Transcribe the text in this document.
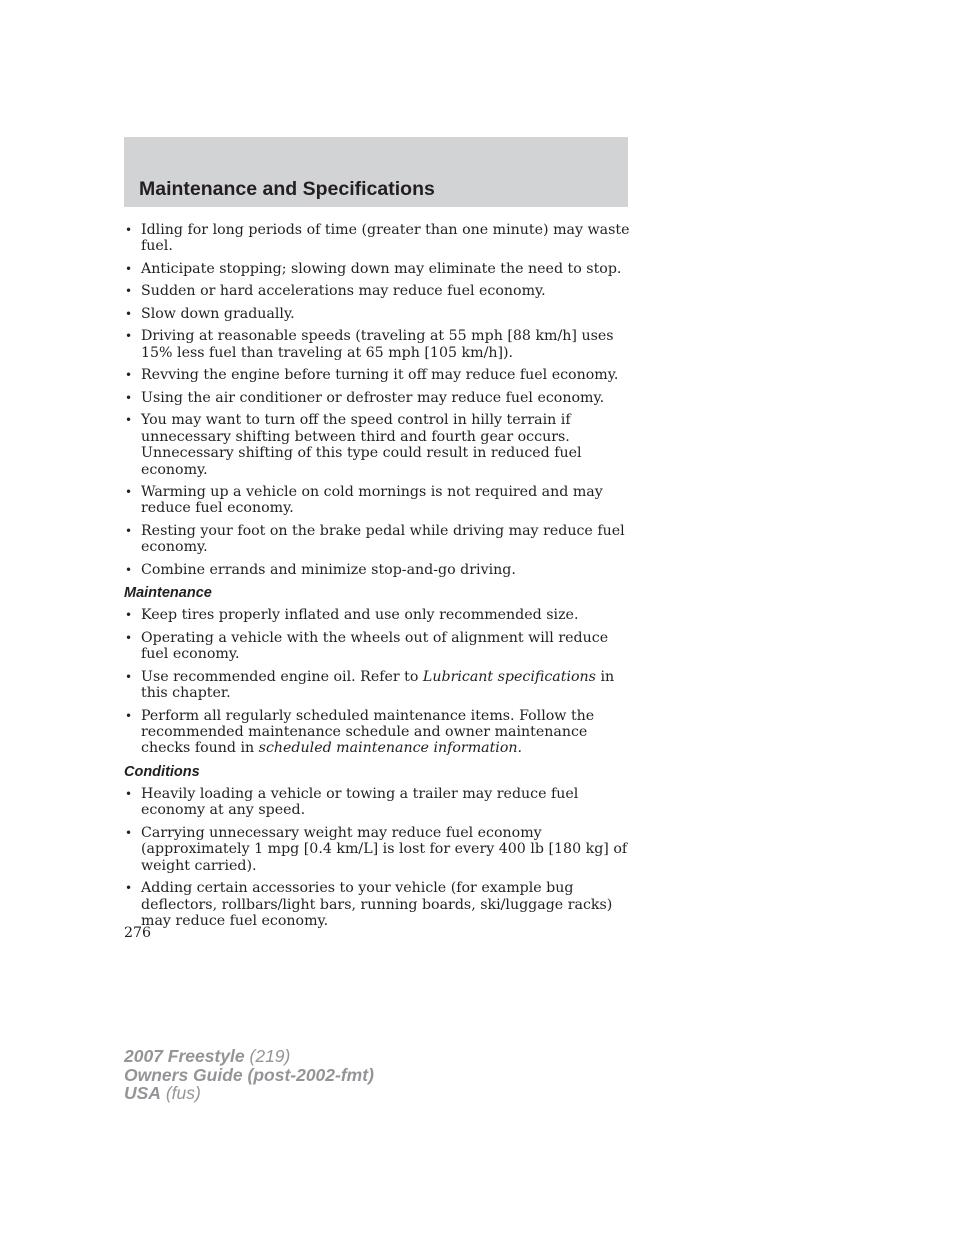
Maintenance and Specifications
• Idling for long periods of time (greater than one minute) may waste fuel.
• Anticipate stopping; slowing down may eliminate the need to stop.
• Sudden or hard accelerations may reduce fuel economy.
• Slow down gradually.
• Driving at reasonable speeds (traveling at 55 mph [88 km/h] uses 15% less fuel than traveling at 65 mph [105 km/h]).
• Revving the engine before turning it off may reduce fuel economy.
• Using the air conditioner or defroster may reduce fuel economy.
• You may want to turn off the speed control in hilly terrain if unnecessary shifting between third and fourth gear occurs. Unnecessary shifting of this type could result in reduced fuel economy.
• Warming up a vehicle on cold mornings is not required and may reduce fuel economy.
• Resting your foot on the brake pedal while driving may reduce fuel economy.
• Combine errands and minimize stop-and-go driving.
Maintenance
• Keep tires properly inflated and use only recommended size.
• Operating a vehicle with the wheels out of alignment will reduce fuel economy.
• Use recommended engine oil. Refer to Lubricant specifications in this chapter.
• Perform all regularly scheduled maintenance items. Follow the recommended maintenance schedule and owner maintenance checks found in scheduled maintenance information.
Conditions
• Heavily loading a vehicle or towing a trailer may reduce fuel economy at any speed.
• Carrying unnecessary weight may reduce fuel economy (approximately 1 mpg [0.4 km/L] is lost for every 400 lb [180 kg] of weight carried).
• Adding certain accessories to your vehicle (for example bug deflectors, rollbars/light bars, running boards, ski/luggage racks) may reduce fuel economy.
276
2007 Freestyle (219)
Owners Guide (post-2002-fmt)
USA (fus)
